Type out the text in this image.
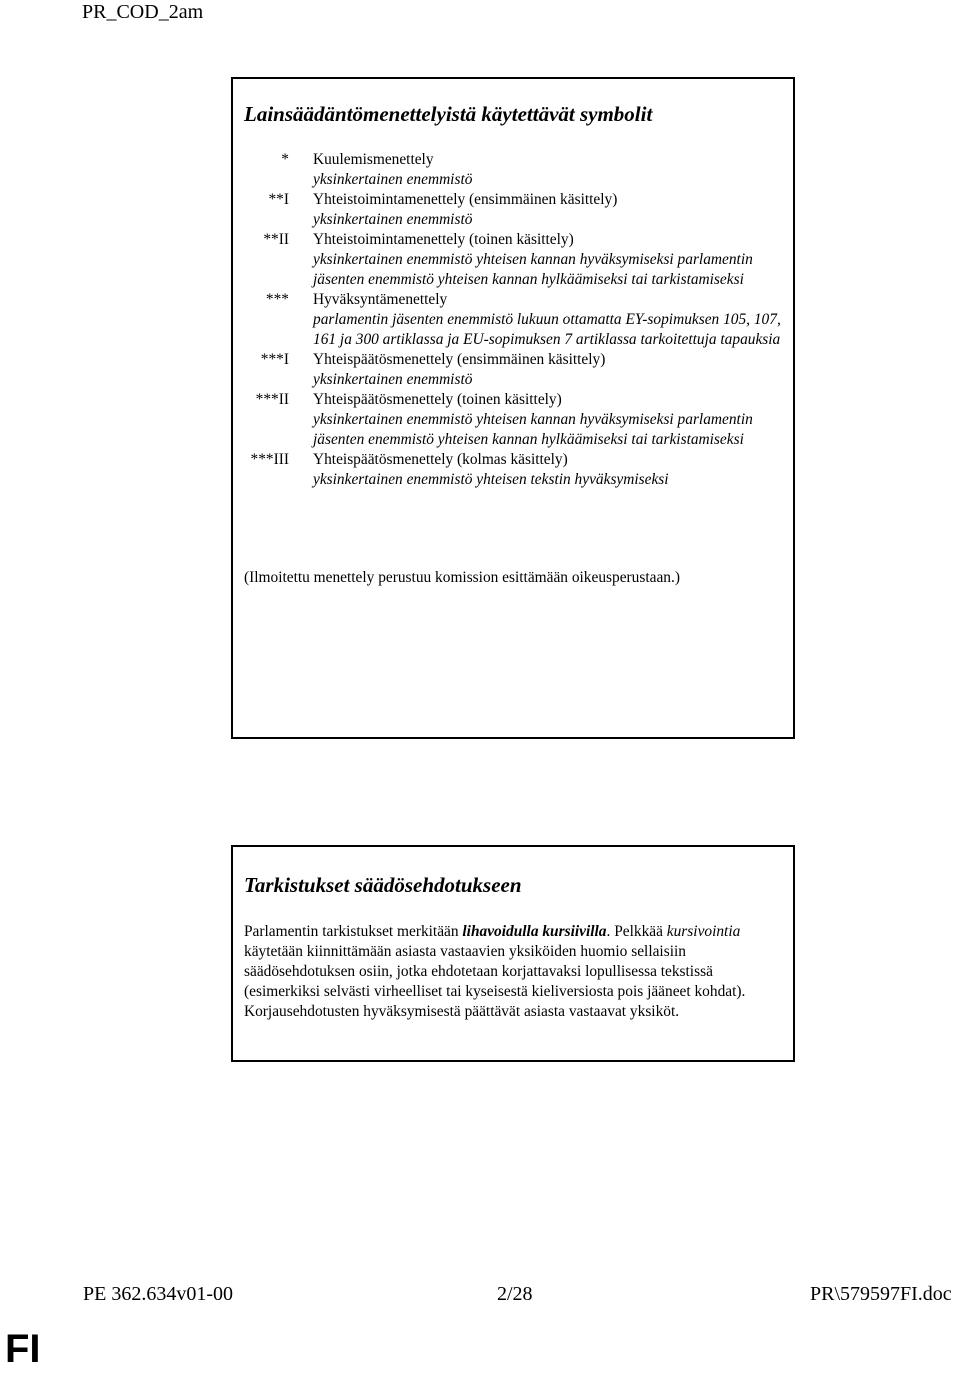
PR_COD_2am
Lainsäädäntömenettelyistä käytettävät symbolit
* Kuulemismenettely
yksinkertainen enemmistö
**I Yhteistoimintamenettely (ensimmäinen käsittely)
yksinkertainen enemmistö
**II Yhteistoimintamenettely (toinen käsittely)
yksinkertainen enemmistö yhteisen kannan hyväksymiseksi parlamentin jäsenten enemmistö yhteisen kannan hylkäämiseksi tai tarkistamiseksi
*** Hyväksyntämenettely
parlamentin jäsenten enemmistö lukuun ottamatta EY-sopimuksen 105, 107, 161 ja 300 artiklassa ja EU-sopimuksen 7 artiklassa tarkoitettuja tapauksia
***I Yhteispäätösmenettely (ensimmäinen käsittely)
yksinkertainen enemmistö
***II Yhteispäätösmenettely (toinen käsittely)
yksinkertainen enemmistö yhteisen kannan hyväksymiseksi parlamentin jäsenten enemmistö yhteisen kannan hylkäämiseksi tai tarkistamiseksi
***III Yhteispäätösmenettely (kolmas käsittely)
yksinkertainen enemmistö yhteisen tekstin hyväksymiseksi
(Ilmoitettu menettely perustuu komission esittämään oikeusperustaan.)
Tarkistukset säädösehdotukseen
Parlamentin tarkistukset merkitään lihavoidulla kursiivilla. Pelkkää kursivointia käytetään kiinnittämään asiasta vastaavien yksiköiden huomio sellaisiin säädösehdotuksen osiin, jotka ehdotetaan korjattavaksi lopullisessa tekstissä (esimerkiksi selvästi virheelliset tai kyseisestä kieliversiosta pois jääneet kohdat). Korjausehdotusten hyväksymisestä päättävät asiasta vastaavat yksiköt.
PE 362.634v01-00	2/28	PR\579597FI.doc
FI
